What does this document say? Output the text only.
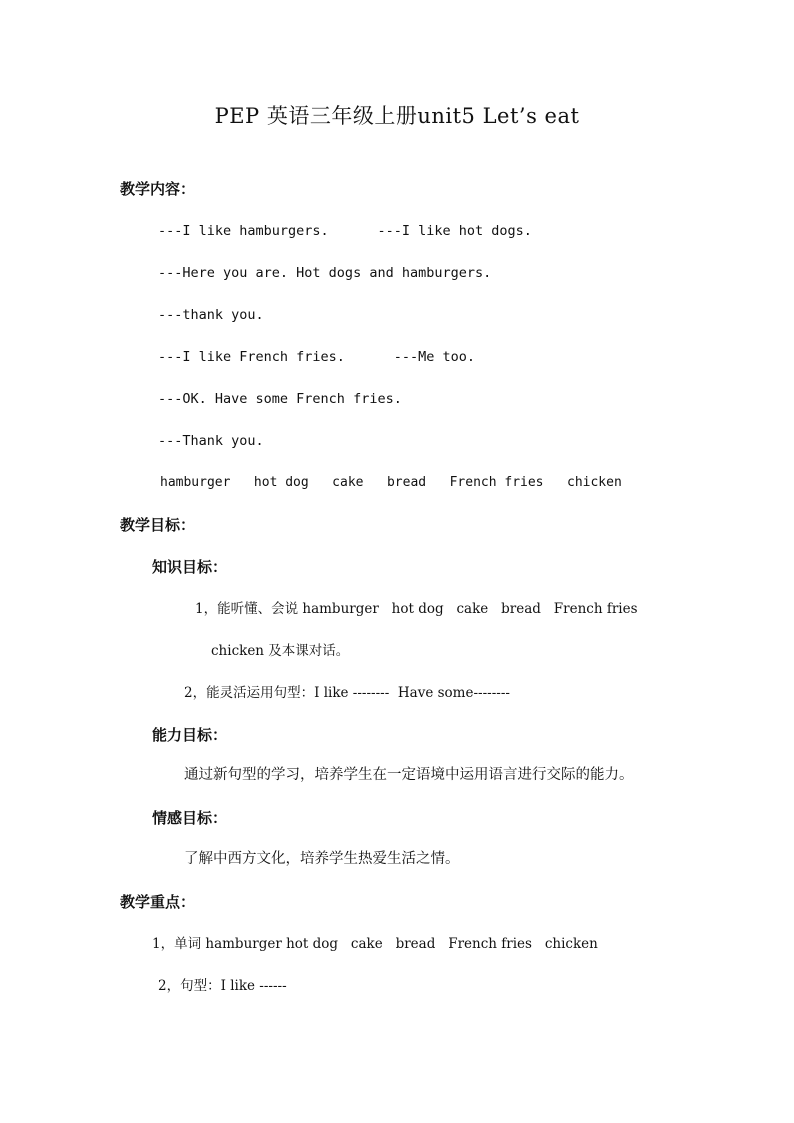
PEP 英语三年级上册unit5 Let’s eat
教学内容：
---I like hamburgers.      ---I like hot dogs.
---Here you are. Hot dogs and hamburgers.
---thank you.
---I like French fries.      ---Me too.
---OK. Have some French fries.
---Thank you.
hamburger   hot dog   cake   bread   French fries   chicken
教学目标：
知识目标：
1，能听懂、会说 hamburger   hot dog   cake   bread   French fries
chicken 及本课对话。
2，能灵活运用句型：I like --------  Have some--------
能力目标：
通过新句型的学习，培养学生在一定语境中运用语言进行交际的能力。
情感目标：
了解中西方文化，培养学生热爱生活之情。
教学重点：
1，单词 hamburger hot dog   cake   bread   French fries   chicken
2，句型：I like ------
